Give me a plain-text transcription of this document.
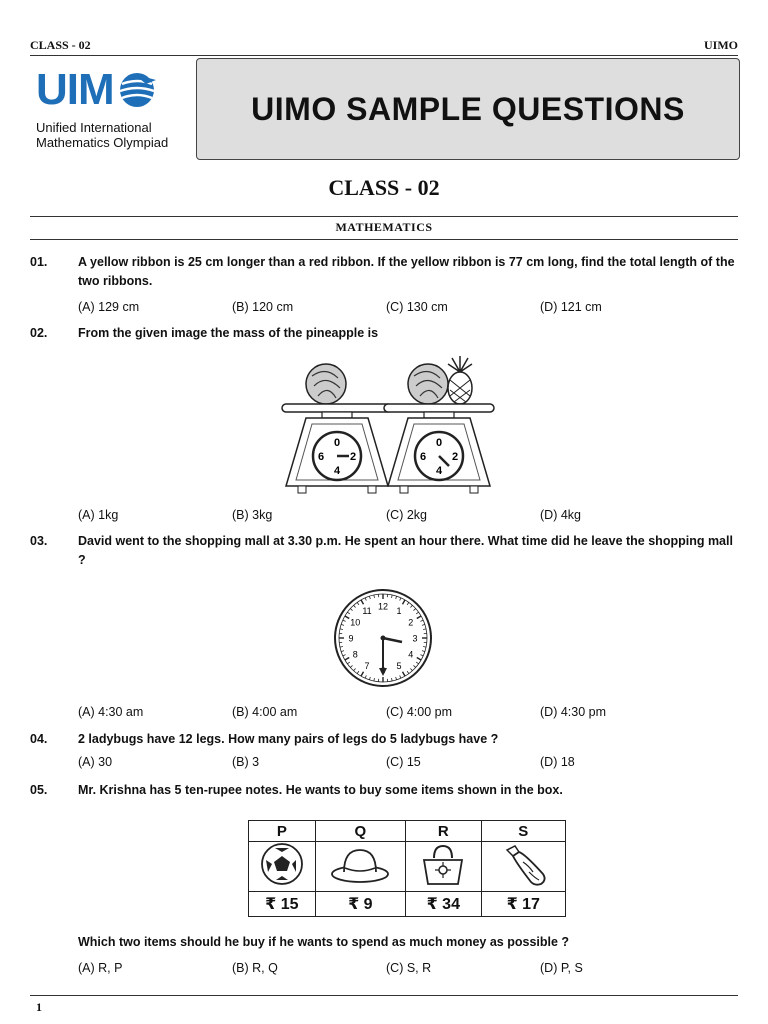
CLASS - 02	UIMO
UIM
Unified International
Mathematics Olympiad
UIMO SAMPLE QUESTIONS
CLASS - 02
MATHEMATICS
01. A yellow ribbon is 25 cm longer than a red ribbon. If the yellow ribbon is 77 cm long, find the total length of the two ribbons.
(A) 129 cm	(B) 120 cm	(C) 130 cm	(D) 121 cm
02. From the given image the mass of the pineapple is
0
6 2
4
0
6 2
4
(A) 1kg	(B) 3kg	(C) 2kg	(D) 4kg
03. David went to the shopping mall at 3.30 p.m. He spent an hour there. What time did he leave the shopping mall ?
12 1
2
3
4
5
7
8
9
10
11
(A) 4:30 am	(B) 4:00 am	(C) 4:00 pm	(D) 4:30 pm
04. 2 ladybugs have 12 legs. How many pairs of legs do 5 ladybugs have ?
(A) 30	(B) 3	(C) 15	(D) 18
05. Mr. Krishna has 5 ten-rupee notes. He wants to buy some items shown in the box.
P	Q	R	S

₹ 15	₹ 9	₹ 34	₹ 17
Which two items should he buy if he wants to spend as much money as possible ?
(A) R, P	(B) R, Q	(C) S, R	(D) P, S
1
